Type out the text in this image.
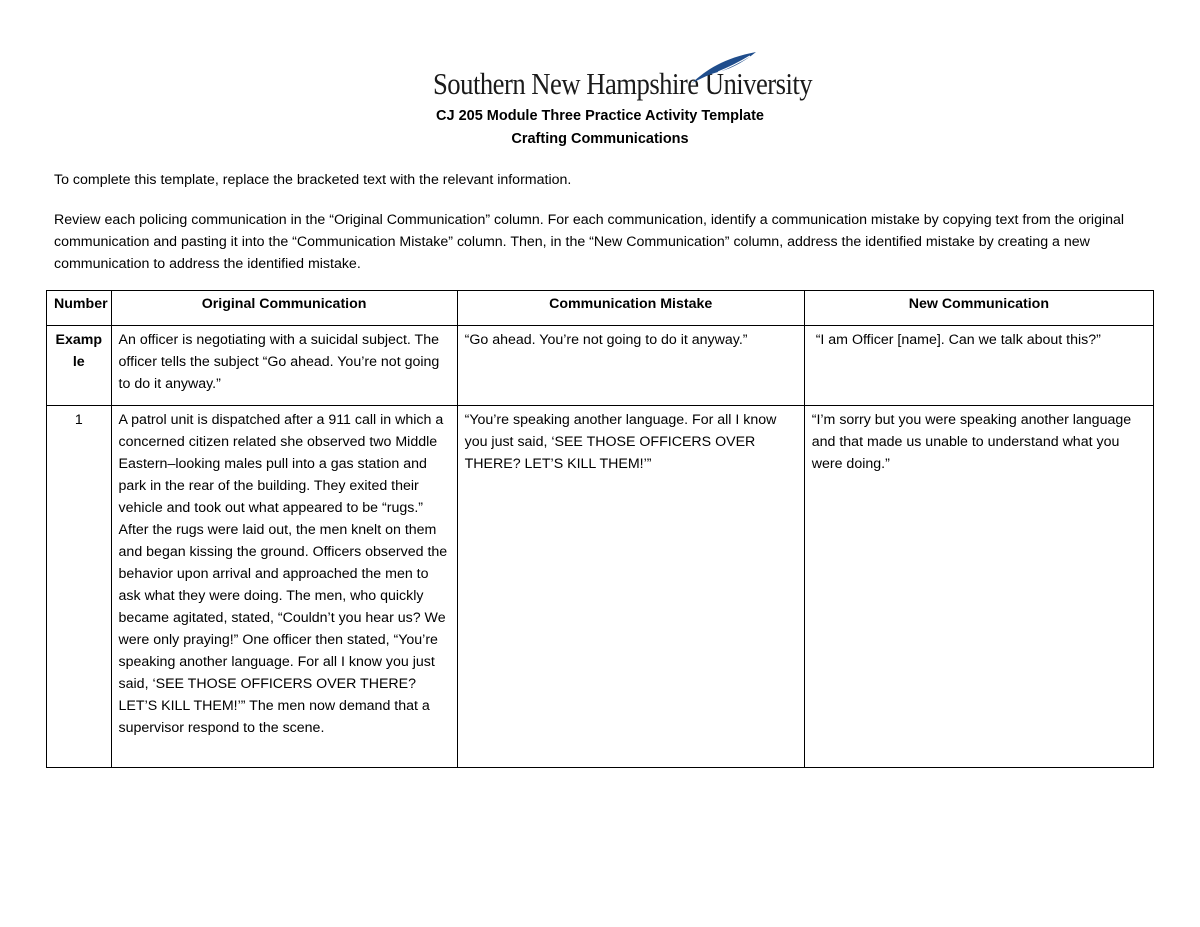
Southern New Hampshire University
CJ 205 Module Three Practice Activity Template
Crafting Communications
To complete this template, replace the bracketed text with the relevant information.
Review each policing communication in the “Original Communication” column. For each communication, identify a communication mistake by copying text from the original communication and pasting it into the “Communication Mistake” column. Then, in the “New Communication” column, address the identified mistake by creating a new communication to address the identified mistake.
Number	Original Communication	Communication Mistake	New Communication
Example	An officer is negotiating with a suicidal subject. The officer tells the subject “Go ahead. You’re not going to do it anyway.”	“Go ahead. You’re not going to do it anyway.”	“I am Officer [name]. Can we talk about this?”
1	A patrol unit is dispatched after a 911 call in which a concerned citizen related she observed two Middle Eastern–looking males pull into a gas station and park in the rear of the building. They exited their vehicle and took out what appeared to be “rugs.” After the rugs were laid out, the men knelt on them and began kissing the ground. Officers observed the behavior upon arrival and approached the men to ask what they were doing. The men, who quickly became agitated, stated, “Couldn’t you hear us? We were only praying!” One officer then stated, “You’re speaking another language. For all I know you just said, ‘SEE THOSE OFFICERS OVER THERE? LET’S KILL THEM!’” The men now demand that a supervisor respond to the scene.	“You’re speaking another language. For all I know you just said, ‘SEE THOSE OFFICERS OVER THERE? LET’S KILL THEM!’”	“I’m sorry but you were speaking another language and that made us unable to understand what you were doing.”
